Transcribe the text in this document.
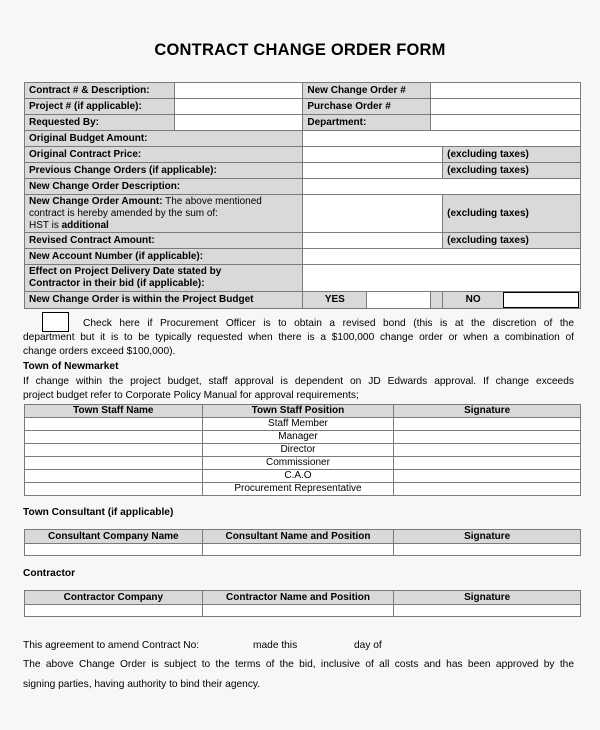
CONTRACT CHANGE ORDER FORM
Contract # & Description:		New Change Order #			
Project # (if applicable):		Purchase Order #			
Requested By:		Department:			
Original Budget Amount:					
Original Contract Price:					(excluding taxes)
Previous Change Orders (if applicable):					(excluding taxes)
New Change Order Description:					
New Change Order Amount: The above mentioned
contract is hereby amended by the sum of:
HST is additional					(excluding taxes)
Revised Contract Amount:					(excluding taxes)
New Account Number (if applicable):					
Effect on Project Delivery Date stated by
Contractor in their bid (if applicable):					
New Change Order is within the Project Budget		YES			NO
Check here if Procurement Officer is to obtain a revised bond (this is at the discretion of the
department but it is to be typically requested when there is a $100,000 change order or when a combination of
change orders exceed $100,000).
Town of Newmarket
If change within the project budget, staff approval is dependent on JD Edwards approval. If change exceeds
project budget refer to Corporate Policy Manual for approval requirements;
Town Staff Name	Town Staff Position	Signature
	Staff Member	
	Manager	
	Director	
	Commissioner	
	C.A.O	
	Procurement Representative	
Town Consultant (if applicable)
Consultant Company Name	Consultant Name and Position	Signature

Contractor
Contractor Company	Contractor Name and Position	Signature

This agreement to amend Contract No:	made this	day of
The above Change Order is subject to the terms of the bid, inclusive of all costs and has been approved by the
signing parties, having authority to bind their agency.
